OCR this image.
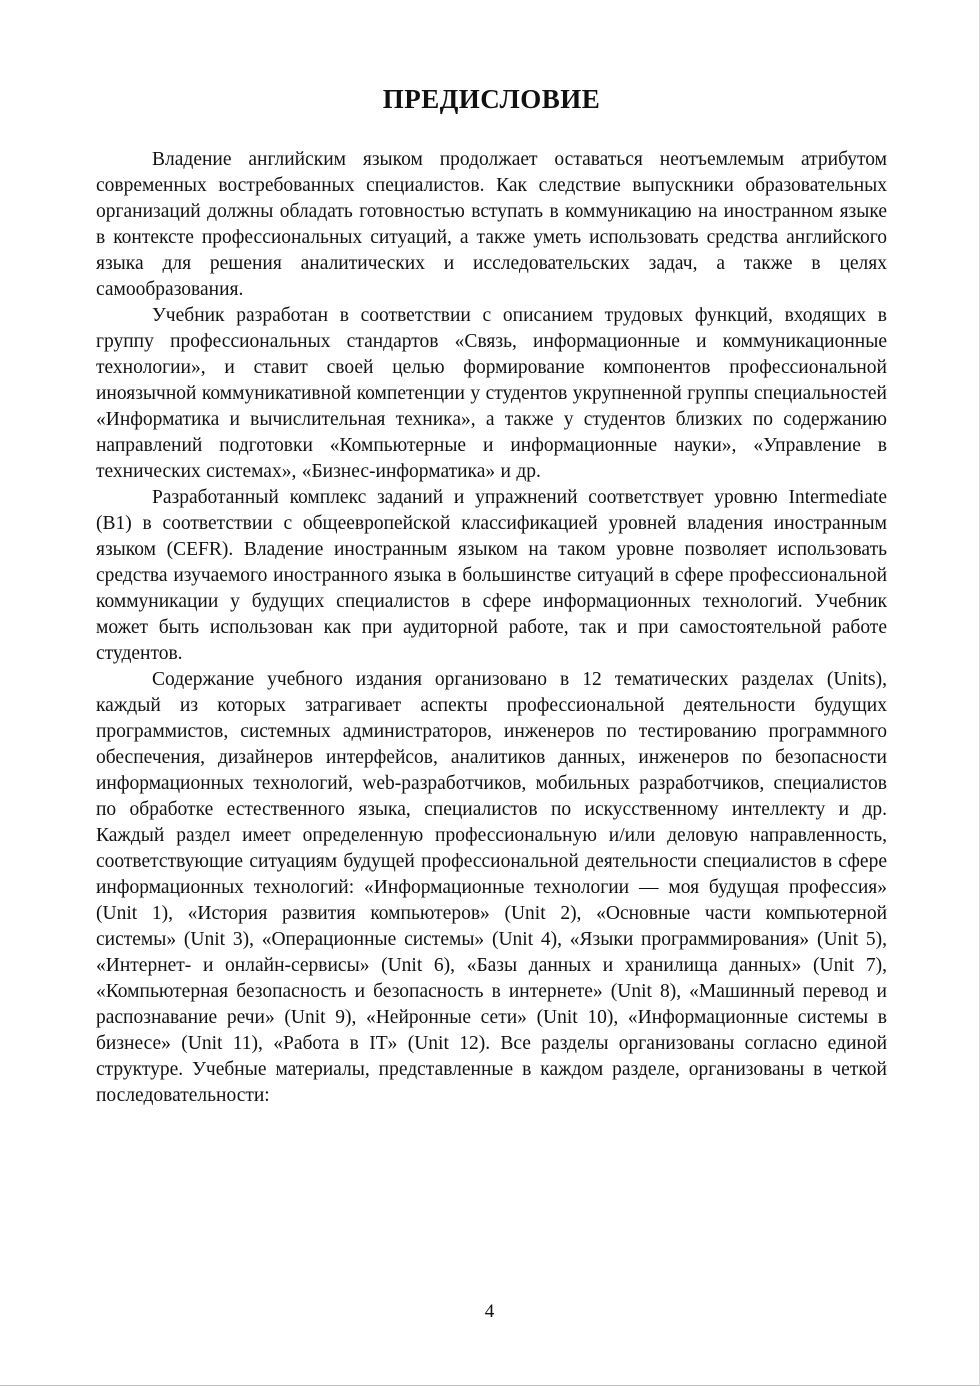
ПРЕДИСЛОВИЕ

Владение английским языком продолжает оставаться неотъемлемым атрибутом современных востребованных специалистов. Как следствие выпускники образовательных организаций должны обладать готовностью вступать в коммуникацию на иностранном языке в контексте профессиональных ситуаций, а также уметь использовать средства английского языка для решения аналитических и исследовательских задач, а также в целях самообразования.

Учебник разработан в соответствии с описанием трудовых функций, входящих в группу профессиональных стандартов «Связь, информационные и коммуникационные технологии», и ставит своей целью формирование компонентов профессиональной иноязычной коммуникативной компетенции у студентов укрупненной группы специальностей «Информатика и вычислительная техника», а также у студентов близких по содержанию направлений подготовки «Компьютерные и информационные науки», «Управление в технических системах», «Бизнес-информатика» и др.

Разработанный комплекс заданий и упражнений соответствует уровню Intermediate (B1) в соответствии с общеевропейской классификацией уровней владения иностранным языком (CEFR). Владение иностранным языком на таком уровне позволяет использовать средства изучаемого иностранного языка в большинстве ситуаций в сфере профессиональной коммуникации у будущих специалистов в сфере информационных технологий. Учебник может быть использован как при аудиторной работе, так и при самостоятельной работе студентов.

Содержание учебного издания организовано в 12 тематических разделах (Units), каждый из которых затрагивает аспекты профессиональной деятельности будущих программистов, системных администраторов, инженеров по тестированию программного обеспечения, дизайнеров интерфейсов, аналитиков данных, инженеров по безопасности информационных технологий, web-разработчиков, мобильных разработчиков, специалистов по обработке естественного языка, специалистов по искусственному интеллекту и др. Каждый раздел имеет определенную профессиональную и/или деловую направленность, соответствующие ситуациям будущей профессиональной деятельности специалистов в сфере информационных технологий: «Информационные технологии — моя будущая профессия» (Unit 1), «История развития компьютеров» (Unit 2), «Основные части компьютерной системы» (Unit 3), «Операционные системы» (Unit 4), «Языки программирования» (Unit 5), «Интернет- и онлайн-сервисы» (Unit 6), «Базы данных и хранилища данных» (Unit 7), «Компьютерная безопасность и безопасность в интернете» (Unit 8), «Машинный перевод и распознавание речи» (Unit 9), «Нейронные сети» (Unit 10), «Информационные системы в бизнесе» (Unit 11), «Работа в IT» (Unit 12). Все разделы организованы согласно единой структуре. Учебные материалы, представленные в каждом разделе, организованы в четкой последовательности:

4
